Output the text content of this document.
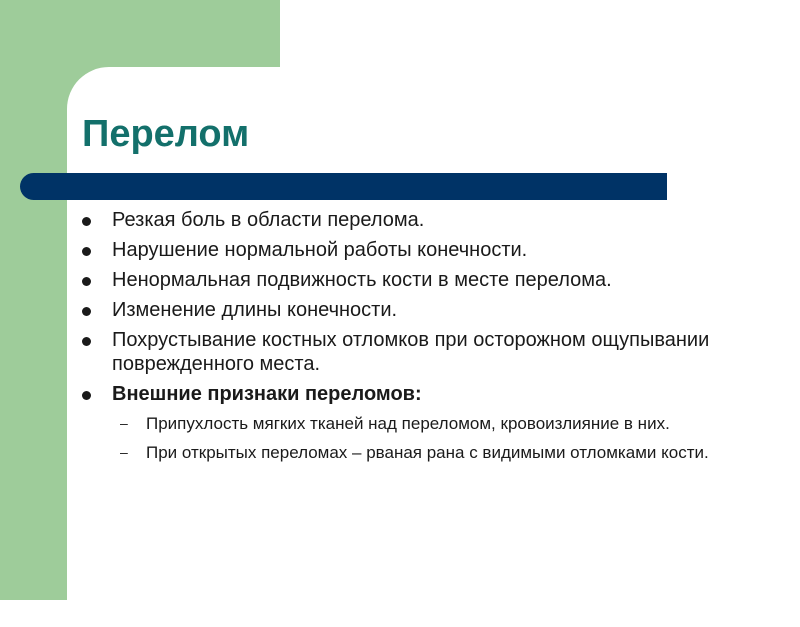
Перелом
Резкая боль в области перелома.
Нарушение нормальной работы конечности.
Ненормальная подвижность кости в месте перелома.
Изменение длины конечности.
Похрустывание костных отломков при осторожном ощупывании поврежденного места.
Внешние признаки переломов:
– Припухлость мягких тканей над переломом, кровоизлияние в них.
– При открытых переломах – рваная рана с видимыми отломками кости.
